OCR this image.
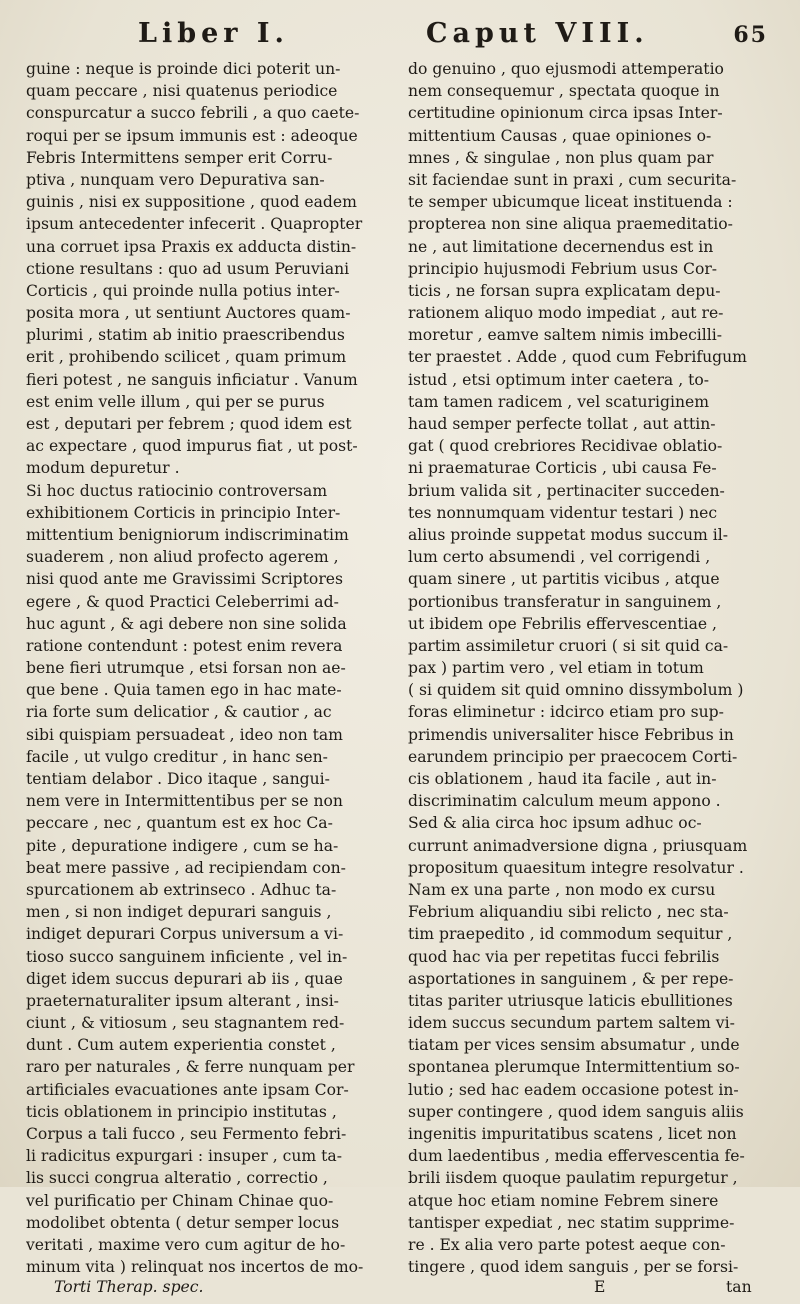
Liber I.	Caput VIII.	65
guine : neque is proinde dici poterit un-
quam peccare , nisi quatenus periodice
conspurcatur a succo febrili , a quo caete-
roqui per se ipsum immunis est : adeoque
Febris Intermittens semper erit Corru-
ptiva , nunquam vero Depurativa san-
guinis , nisi ex suppositione , quod eadem
ipsum antecedenter infecerit . Quapropter
una corruet ipsa Praxis ex adducta distin-
ctione resultans : quo ad usum Peruviani
Corticis , qui proinde nulla potius inter-
posita mora , ut sentiunt Auctores quam-
plurimi , statim ab initio praescribendus
erit , prohibendo scilicet , quam primum
fieri potest , ne sanguis inficiatur . Vanum
est enim velle illum , qui per se purus
est , deputari per febrem ; quod idem est
ac expectare , quod impurus fiat , ut post-
modum depuretur .
Si hoc ductus ratiocinio controversam
exhibitionem Corticis in principio Inter-
mittentium benigniorum indiscriminatim
suaderem , non aliud profecto agerem ,
nisi quod ante me Gravissimi Scriptores
egere , & quod Practici Celeberrimi ad-
huc agunt , & agi debere non sine solida
ratione contendunt : potest enim revera
bene fieri utrumque , etsi forsan non ae-
que bene . Quia tamen ego in hac mate-
ria forte sum delicatior , & cautior , ac
sibi quispiam persuadeat , ideo non tam
facile , ut vulgo creditur , in hanc sen-
tentiam delabor . Dico itaque , sangui-
nem vere in Intermittentibus per se non
peccare , nec , quantum est ex hoc Ca-
pite , depuratione indigere , cum se ha-
beat mere passive , ad recipiendam con-
spurcationem ab extrinseco . Adhuc ta-
men , si non indiget depurari sanguis ,
indiget depurari Corpus universum a vi-
tioso succo sanguinem inficiente , vel in-
diget idem succus depurari ab iis , quae
praeternaturaliter ipsum alterant , insi-
ciunt , & vitiosum , seu stagnantem red-
dunt . Cum autem experientia constet ,
raro per naturales , & ferre nunquam per
artificiales evacuationes ante ipsam Cor-
ticis oblationem in principio institutas ,
Corpus a tali fucco , seu Fermento febri-
li radicitus expurgari : insuper , cum ta-
lis succi congrua alteratio , correctio ,
vel purificatio per Chinam Chinae quo-
modolibet obtenta ( detur semper locus
veritati , maxime vero cum agitur de ho-
minum vita ) relinquat nos incertos de mo-
do genuino , quo ejusmodi attemperatio
nem consequemur , spectata quoque in
certitudine opinionum circa ipsas Inter-
mittentium Causas , quae opiniones o-
mnes , & singulae , non plus quam par
sit faciendae sunt in praxi , cum securita-
te semper ubicumque liceat instituenda :
propterea non sine aliqua praemeditatio-
ne , aut limitatione decernendus est in
principio hujusmodi Febrium usus Cor-
ticis , ne forsan supra explicatam depu-
rationem aliquo modo impediat , aut re-
moretur , eamve saltem nimis imbecilli-
ter praestet . Adde , quod cum Febrifugum
istud , etsi optimum inter caetera , to-
tam tamen radicem , vel scaturiginem
haud semper perfecte tollat , aut attin-
gat ( quod crebriores Recidivae oblatio-
ni praematurae Corticis , ubi causa Fe-
brium valida sit , pertinaciter succeden-
tes nonnumquam videntur testari ) nec
alius proinde suppetat modus succum il-
lum certo absumendi , vel corrigendi ,
quam sinere , ut partitis vicibus , atque
portionibus transferatur in sanguinem ,
ut ibidem ope Febrilis effervescentiae ,
partim assimiletur cruori ( si sit quid ca-
pax ) partim vero , vel etiam in totum
( si quidem sit quid omnino dissymbolum )
foras eliminetur : idcirco etiam pro sup-
primendis universaliter hisce Febribus in
earundem principio per praecocem Corti-
cis oblationem , haud ita facile , aut in-
discriminatim calculum meum appono .
Sed & alia circa hoc ipsum adhuc oc-
currunt animadversione digna , priusquam
propositum quaesitum integre resolvatur .
Nam ex una parte , non modo ex cursu
Febrium aliquandiu sibi relicto , nec sta-
tim praepedito , id commodum sequitur ,
quod hac via per repetitas fucci febrilis
asportationes in sanguinem , & per repe-
titas pariter utriusque laticis ebullitiones
idem succus secundum partem saltem vi-
tiatam per vices sensim absumatur , unde
spontanea plerumque Intermittentium so-
lutio ; sed hac eadem occasione potest in-
super contingere , quod idem sanguis aliis
ingenitis impuritatibus scatens , licet non
dum laedentibus , media effervescentia fe-
brili iisdem quoque paulatim repurgetur ,
atque hoc etiam nomine Febrem sinere
tantisper expediat , nec statim supprime-
re . Ex alia vero parte potest aeque con-
tingere , quod idem sanguis , per se forsi-
Torti Therap. spec.	E	tan
